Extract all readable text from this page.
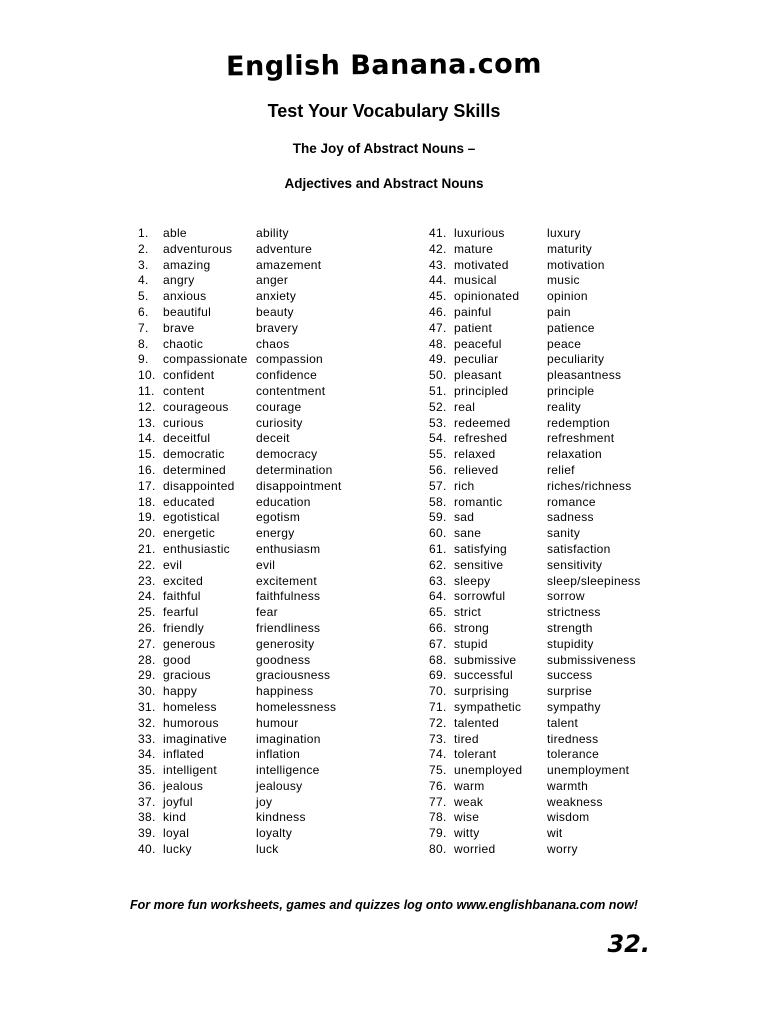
English Banana.com
Test Your Vocabulary Skills
The Joy of Abstract Nouns –
Adjectives and Abstract Nouns
1. able	ability
2. adventurous adventure
3. amazing	amazement
4. angry	anger
5. anxious	anxiety
6. beautiful	beauty
7. brave	bravery
8. chaotic	chaos
9. compassionate compassion
10. confident	confidence
11. content	contentment
12. courageous courage
13. curious	curiosity
14. deceitful	deceit
15. democratic	democracy
16. determined determination
17. disappointed disappointment
18. educated	education
19. egotistical	egotism
20. energetic	energy
21. enthusiastic enthusiasm
22. evil	evil
23. excited	excitement
24. faithful	faithfulness
25. fearful	fear
26. friendly	friendliness
27. generous	generosity
28. good	goodness
29. gracious	graciousness
30. happy	happiness
31. homeless	homelessness
32. humorous	humour
33. imaginative imagination
34. inflated	inflation
35. intelligent	intelligence
36. jealous	jealousy
37. joyful	joy
38. kind	kindness
39. loyal	loyalty
40. lucky	luck
41. luxurious	luxury
42. mature	maturity
43. motivated	motivation
44. musical	music
45. opinionated opinion
46. painful	pain
47. patient	patience
48. peaceful	peace
49. peculiar	peculiarity
50. pleasant	pleasantness
51. principled	principle
52. real	reality
53. redeemed	redemption
54. refreshed	refreshment
55. relaxed	relaxation
56. relieved	relief
57. rich	riches/richness
58. romantic	romance
59. sad	sadness
60. sane	sanity
61. satisfying	satisfaction
62. sensitive	sensitivity
63. sleepy	sleep/sleepiness
64. sorrowful	sorrow
65. strict	strictness
66. strong	strength
67. stupid	stupidity
68. submissive	submissiveness
69. successful	success
70. surprising	surprise
71. sympathetic sympathy
72. talented	talent
73. tired	tiredness
74. tolerant	tolerance
75. unemployed unemployment
76. warm	warmth
77. weak	weakness
78. wise	wisdom
79. witty	wit
80. worried	worry
For more fun worksheets, games and quizzes log onto www.englishbanana.com now!
32.
